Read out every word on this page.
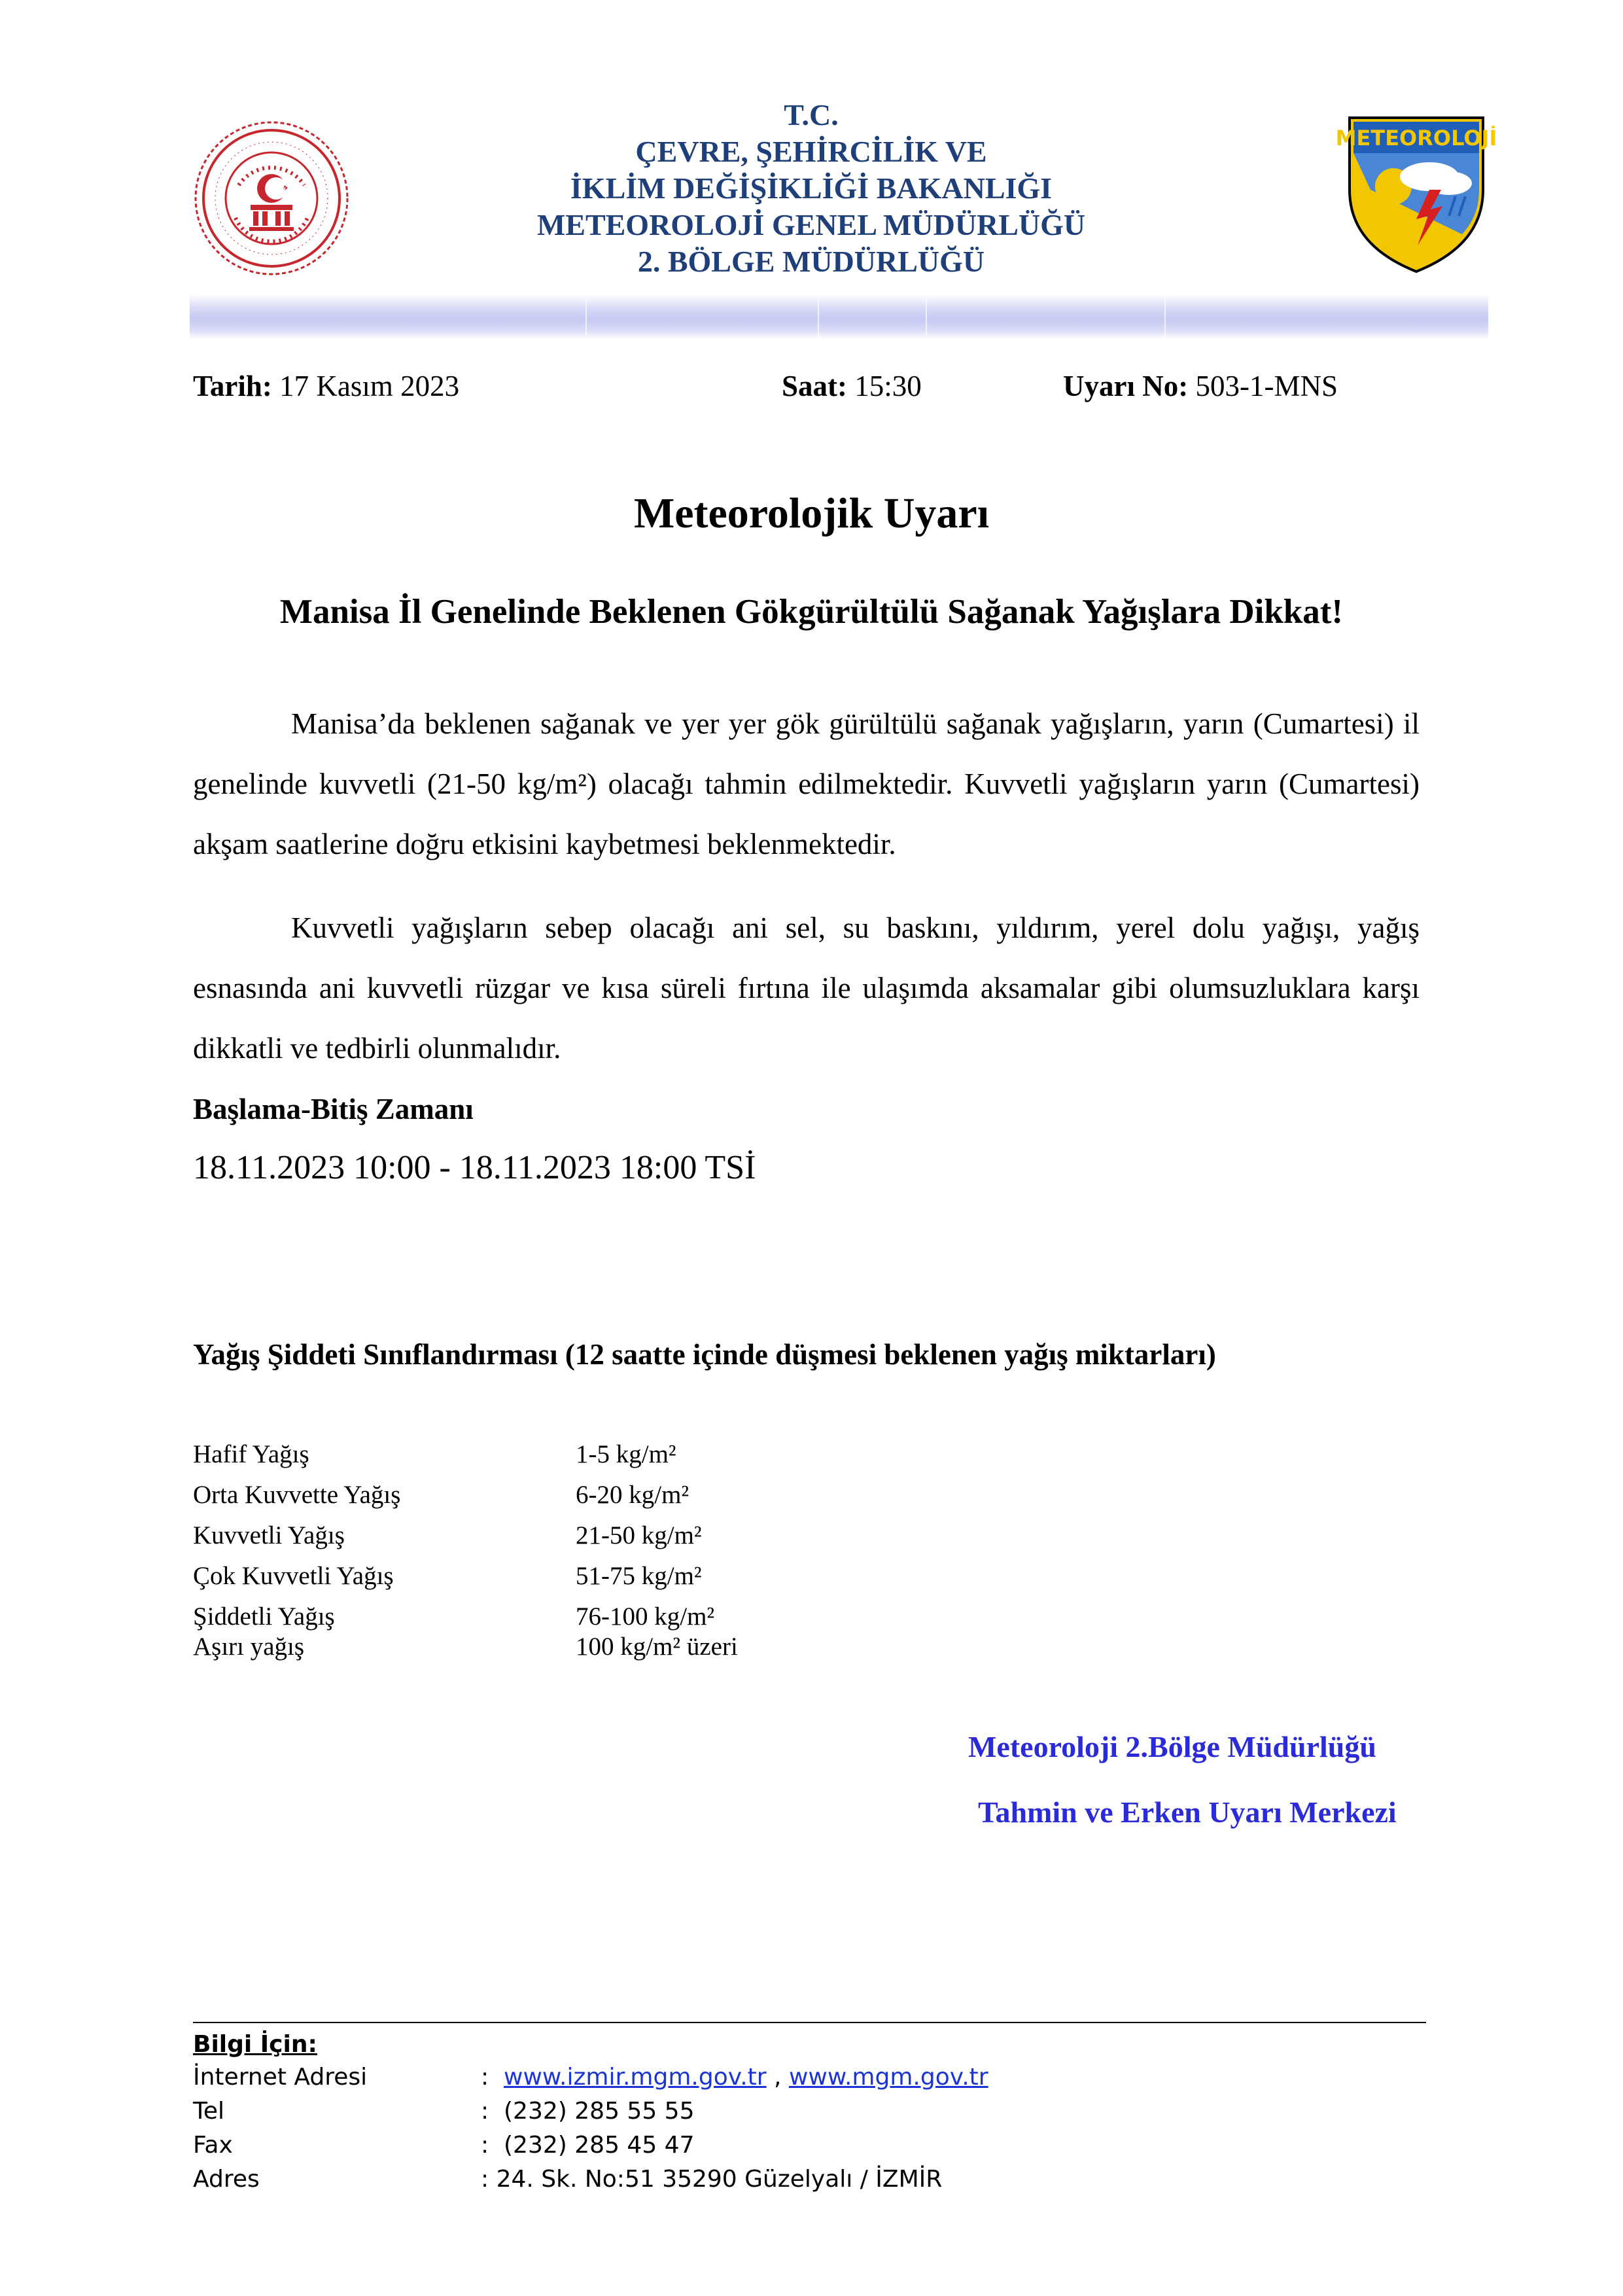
T.C.
ÇEVRE, ŞEHİRCİLİK VE
İKLİM DEĞİŞİKLİĞİ BAKANLIĞI
METEOROLOJİ GENEL MÜDÜRLÜĞÜ
2. BÖLGE MÜDÜRLÜĞÜ
METEOROLOJİ
Tarih: 17 Kasım 2023	Saat: 15:30	Uyarı No: 503-1-MNS
Meteorolojik Uyarı
Manisa İl Genelinde Beklenen Gökgürültülü Sağanak Yağışlara Dikkat!

Manisa’da beklenen sağanak ve yer yer gök gürültülü sağanak yağışların, yarın (Cumartesi) il genelinde kuvvetli (21-50 kg/m²) olacağı tahmin edilmektedir. Kuvvetli yağışların yarın (Cumartesi) akşam saatlerine doğru etkisini kaybetmesi beklenmektedir.

Kuvvetli yağışların sebep olacağı ani sel, su baskını, yıldırım, yerel dolu yağışı, yağış esnasında ani kuvvetli rüzgar ve kısa süreli fırtına ile ulaşımda aksamalar gibi olumsuzluklara karşı dikkatli ve tedbirli olunmalıdır.

Başlama-Bitiş Zamanı
18.11.2023 10:00 - 18.11.2023 18:00 TSİ
Yağış Şiddeti Sınıflandırması (12 saatte içinde düşmesi beklenen yağış miktarları)
Hafif Yağış	1-5 kg/m²
Orta Kuvvette Yağış	6-20 kg/m²
Kuvvetli Yağış	21-50 kg/m²
Çok Kuvvetli Yağış	51-75 kg/m²
Şiddetli Yağış	76-100 kg/m²
Aşırı yağış	100 kg/m² üzeri
Meteoroloji 2.Bölge Müdürlüğü
Tahmin ve Erken Uyarı Merkezi
Bilgi İçin:
İnternet Adresi	: www.izmir.mgm.gov.tr , www.mgm.gov.tr
Tel	:  (232) 285 55 55
Fax	:  (232) 285 45 47
Adres	: 24. Sk. No:51 35290 Güzelyalı / İZMİR
